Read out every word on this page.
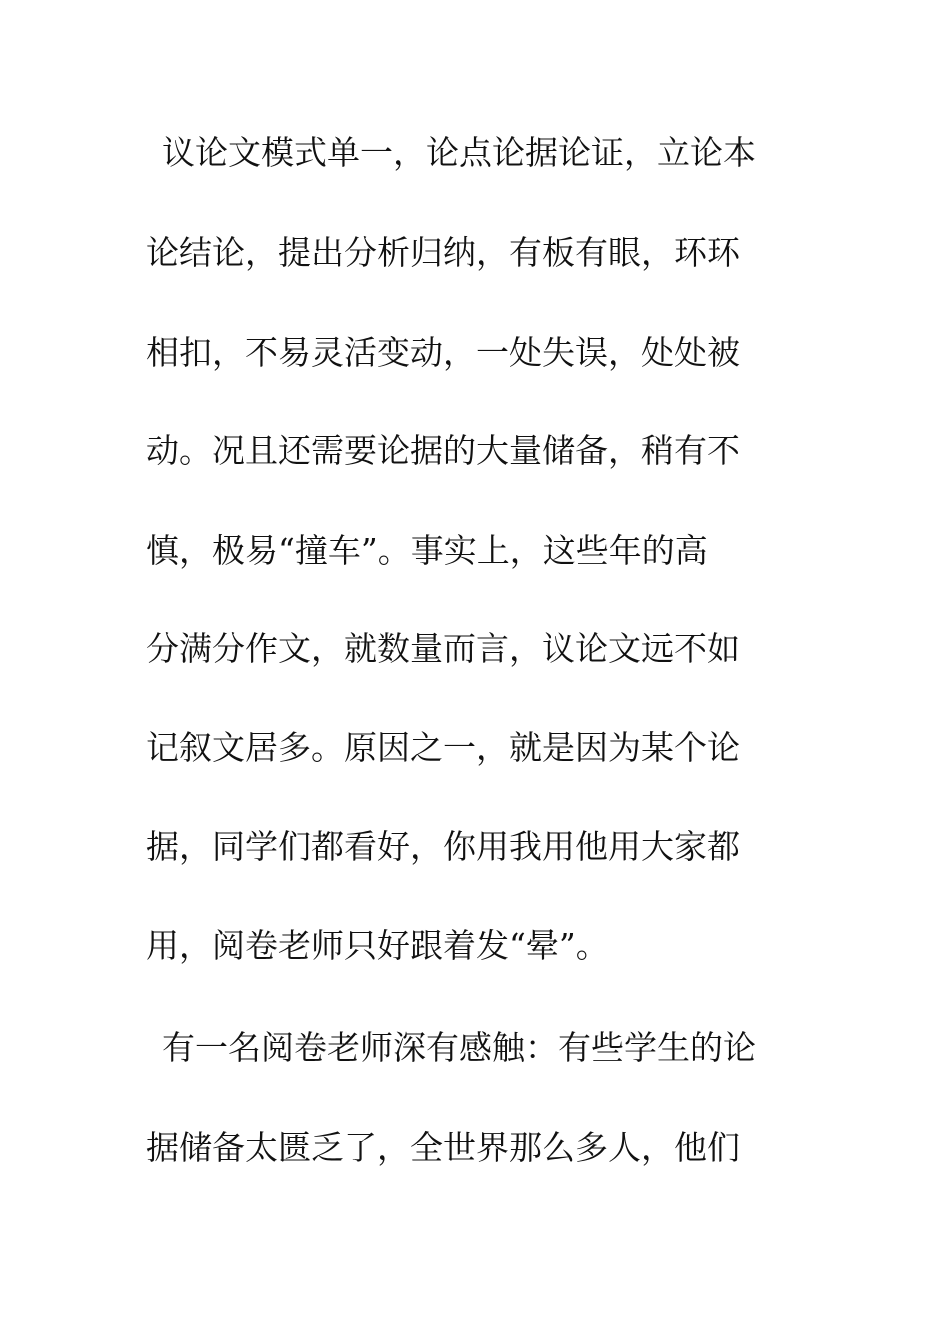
议论文模式单一，论点论据论证，立论本
论结论，提出分析归纳，有板有眼，环环
相扣，不易灵活变动，一处失误，处处被
动。况且还需要论据的大量储备，稍有不
慎，极易“撞车”。事实上，这些年的高
分满分作文，就数量而言，议论文远不如
记叙文居多。原因之一，就是因为某个论
据，同学们都看好，你用我用他用大家都
用，阅卷老师只好跟着发“晕”。
有一名阅卷老师深有感触：有些学生的论
据储备太匮乏了，全世界那么多人，他们
